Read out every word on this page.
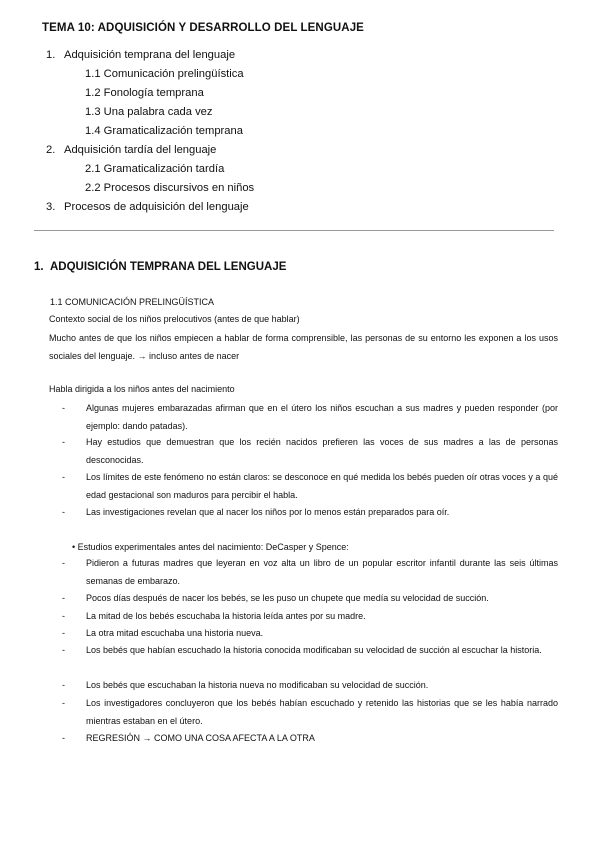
TEMA 10: ADQUISICIÓN Y DESARROLLO DEL LENGUAJE
1. Adquisición temprana del lenguaje
1.1 Comunicación prelingüística
1.2 Fonología temprana
1.3 Una palabra cada vez
1.4 Gramaticalización temprana
2. Adquisición tardía del lenguaje
2.1 Gramaticalización tardía
2.2 Procesos discursivos en niños
3. Procesos de adquisición del lenguaje
1. ADQUISICIÓN TEMPRANA DEL LENGUAJE
1.1 COMUNICACIÓN PRELINGÜÍSTICA
Contexto social de los niños prelocutivos (antes de que hablar)
Mucho antes de que los niños empiecen a hablar de forma comprensible, las personas de su entorno les exponen a los usos sociales del lenguaje. → incluso antes de nacer
Habla dirigida a los niños antes del nacimiento
- Algunas mujeres embarazadas afirman que en el útero los niños escuchan a sus madres y pueden responder (por ejemplo: dando patadas).
- Hay estudios que demuestran que los recién nacidos prefieren las voces de sus madres a las de personas desconocidas.
- Los límites de este fenómeno no están claros: se desconoce en qué medida los bebés pueden oír otras voces y a qué edad gestacional son maduros para percibir el habla.
- Las investigaciones revelan que al nacer los niños por lo menos están preparados para oír.
• Estudios experimentales antes del nacimiento: DeCasper y Spence:
- Pidieron a futuras madres que leyeran en voz alta un libro de un popular escritor infantil durante las seis últimas semanas de embarazo.
- Pocos días después de nacer los bebés, se les puso un chupete que medía su velocidad de succión.
- La mitad de los bebés escuchaba la historia leída antes por su madre.
- La otra mitad escuchaba una historia nueva.
- Los bebés que habían escuchado la historia conocida modificaban su velocidad de succión al escuchar la historia.
- Los bebés que escuchaban la historia nueva no modificaban su velocidad de succión.
- Los investigadores concluyeron que los bebés habían escuchado y retenido las historias que se les había narrado mientras estaban en el útero.
- REGRESIÓN → COMO UNA COSA AFECTA A LA OTRA
